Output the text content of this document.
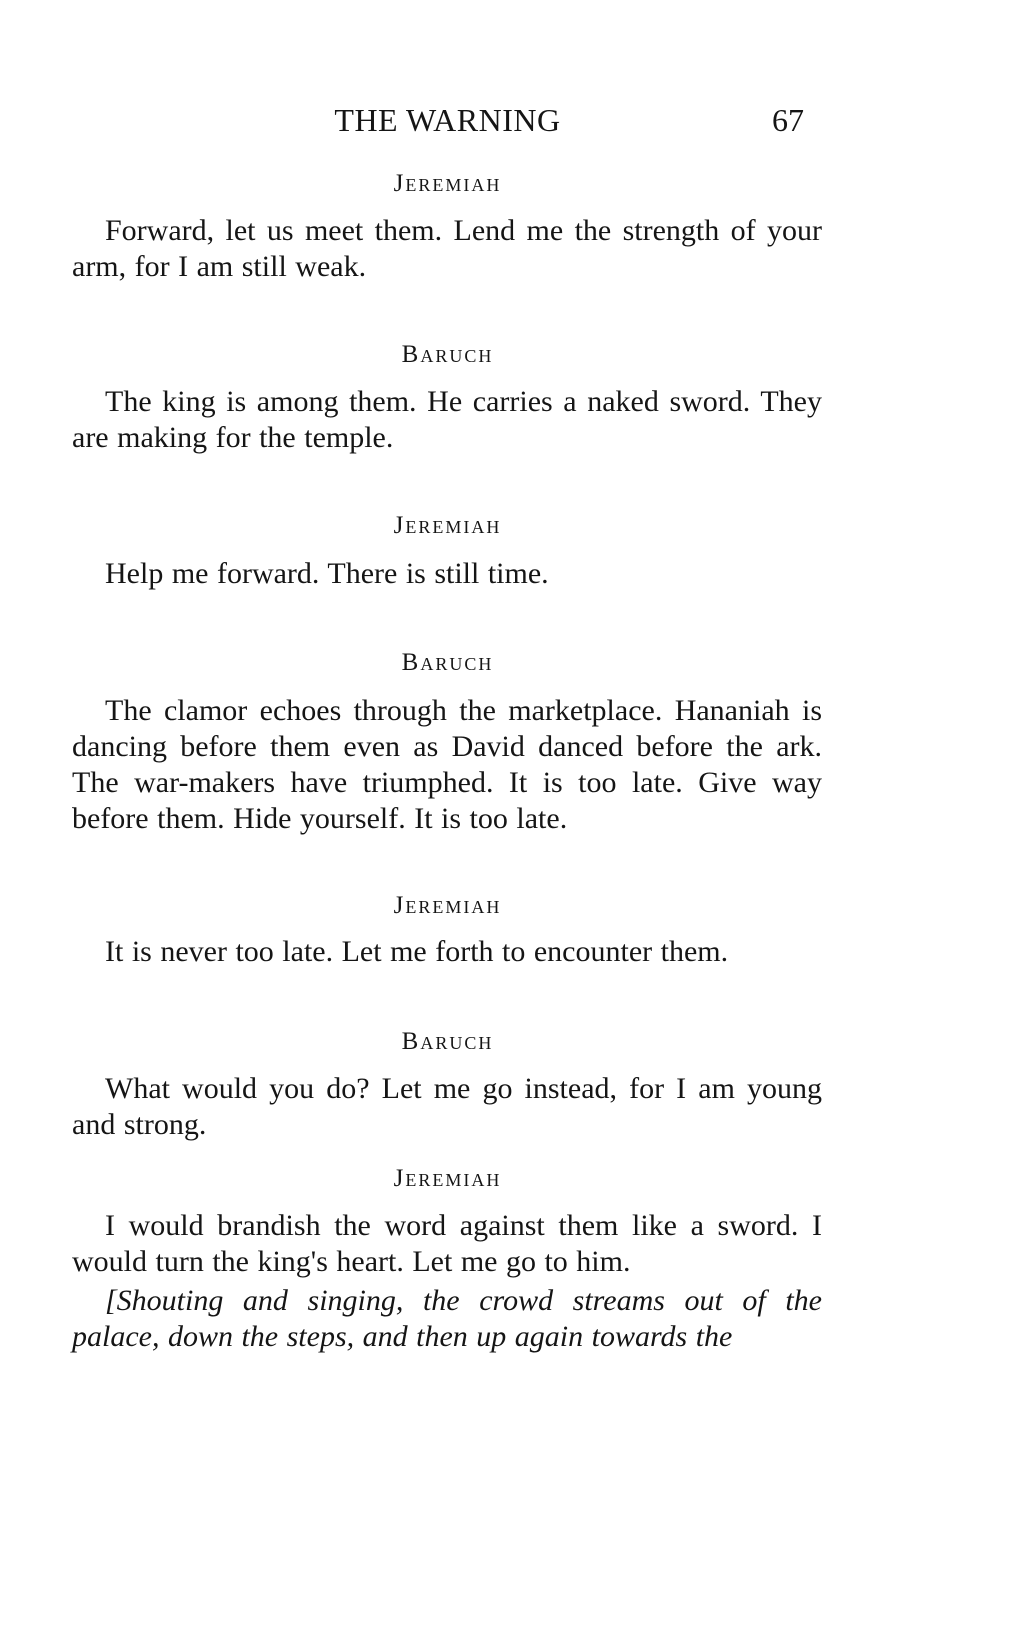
THE WARNING	67
Jeremiah
Forward, let us meet them. Lend me the strength of your arm, for I am still weak.
Baruch
The king is among them. He carries a naked sword. They are making for the temple.
Jeremiah
Help me forward. There is still time.
Baruch
The clamor echoes through the marketplace. Hananiah is dancing before them even as David danced before the ark. The war-makers have triumphed. It is too late. Give way before them. Hide yourself. It is too late.
Jeremiah
It is never too late. Let me forth to encounter them.
Baruch
What would you do? Let me go instead, for I am young and strong.
Jeremiah
I would brandish the word against them like a sword. I would turn the king's heart. Let me go to him.
[Shouting and singing, the crowd streams out of the palace, down the steps, and then up again towards the
